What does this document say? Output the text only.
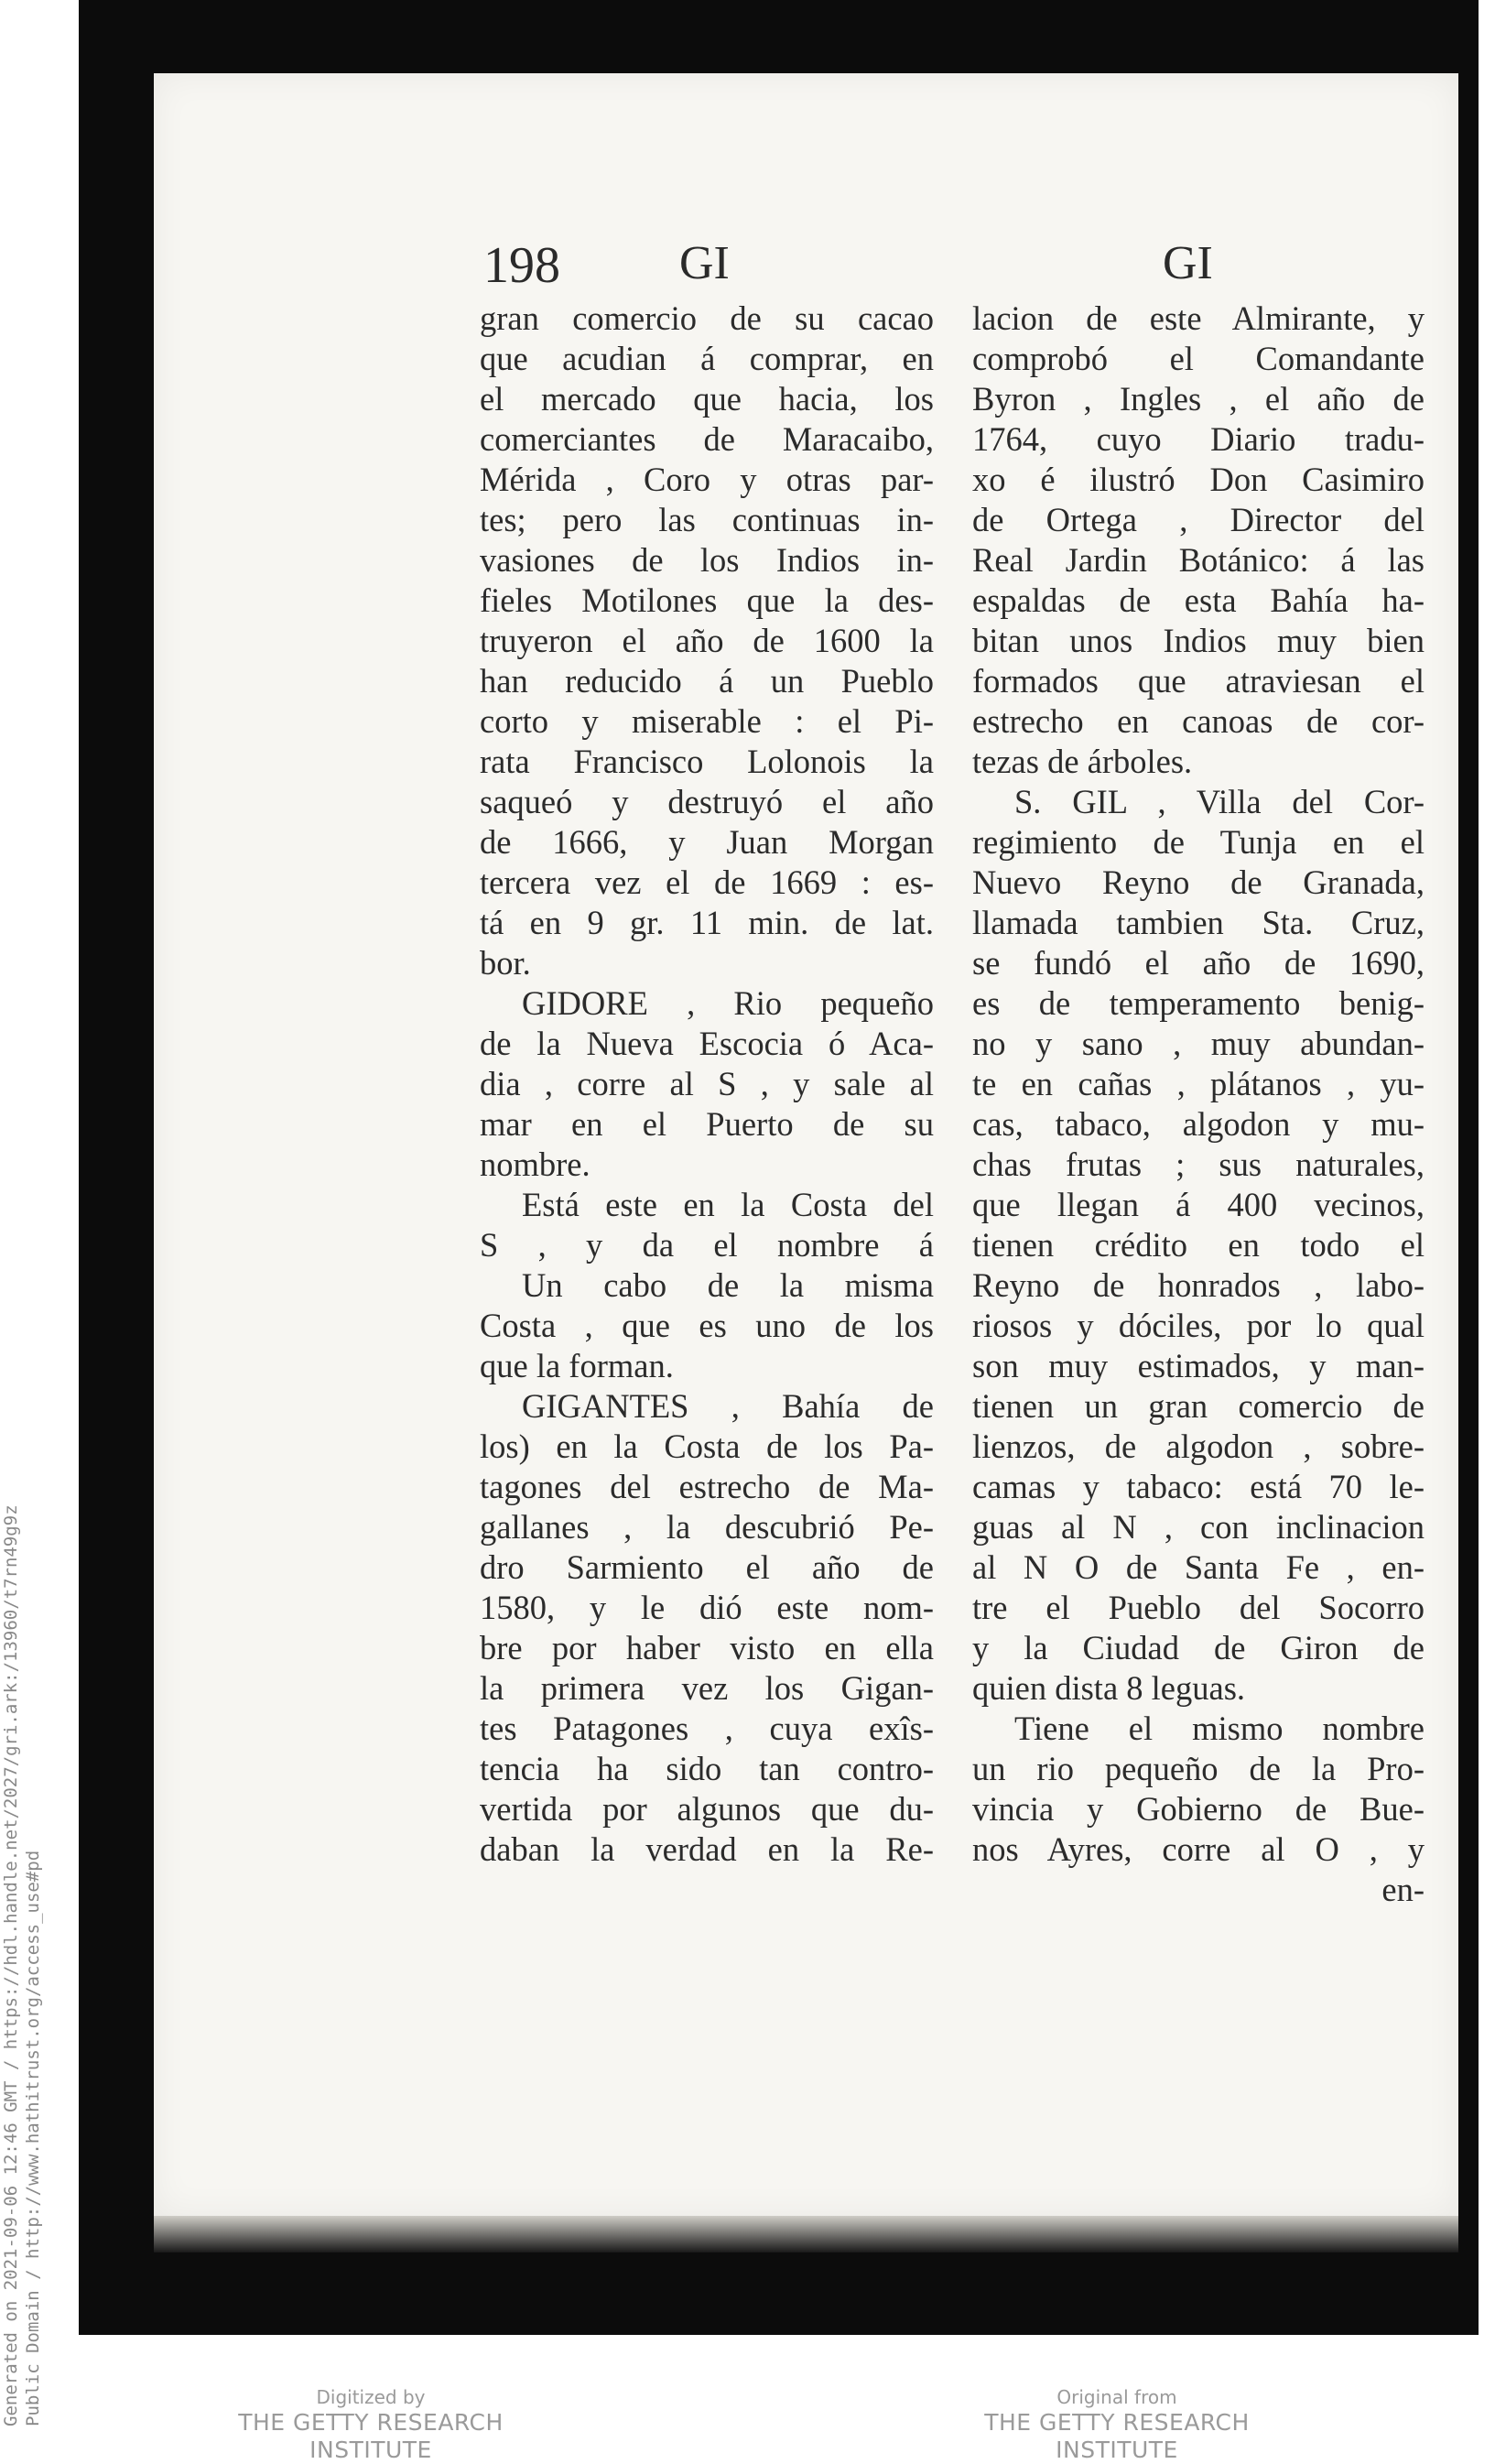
198	GI	GI
gran comercio de su cacao
que acudian á comprar, en
el mercado que hacia, los
comerciantes de Maracaibo,
Mérida , Coro y otras par-
tes; pero las continuas in-
vasiones de los Indios in-
fieles Motilones que la des-
truyeron el año de 1600 la
han reducido á un Pueblo
corto y miserable : el Pi-
rata Francisco Lolonois la
saqueó y destruyó el año
de 1666, y Juan Morgan
tercera vez el de 1669 : es-
tá en 9 gr. 11 min. de lat.
bor.
GIDORE , Rio pequeño
de la Nueva Escocia ó Aca-
dia , corre al S , y sale al
mar en el Puerto de su
nombre.
Está este en la Costa del
S , y da el nombre á
Un cabo de la misma
Costa , que es uno de los
que la forman.
GIGANTES , Bahía de
los) en la Costa de los Pa-
tagones del estrecho de Ma-
gallanes , la descubrió Pe-
dro Sarmiento el año de
1580, y le dió este nom-
bre por haber visto en ella
la primera vez los Gigan-
tes Patagones , cuya exîs-
tencia ha sido tan contro-
vertida por algunos que du-
daban la verdad en la Re-
lacion de este Almirante, y
comprobó el Comandante
Byron , Ingles , el año de
1764, cuyo Diario tradu-
xo é ilustró Don Casimiro
de Ortega , Director del
Real Jardin Botánico: á las
espaldas de esta Bahía ha-
bitan unos Indios muy bien
formados que atraviesan el
estrecho en canoas de cor-
tezas de árboles.
S. GIL , Villa del Cor-
regimiento de Tunja en el
Nuevo Reyno de Granada,
llamada tambien Sta. Cruz,
se fundó el año de 1690,
es de temperamento benig-
no y sano , muy abundan-
te en cañas , plátanos , yu-
cas, tabaco, algodon y mu-
chas frutas ; sus naturales,
que llegan á 400 vecinos,
tienen crédito en todo el
Reyno de honrados , labo-
riosos y dóciles, por lo qual
son muy estimados, y man-
tienen un gran comercio de
lienzos, de algodon , sobre-
camas y tabaco: está 70 le-
guas al N , con inclinacion
al N O de Santa Fe , en-
tre el Pueblo del Socorro
y la Ciudad de Giron de
quien dista 8 leguas.
Tiene el mismo nombre
un rio pequeño de la Pro-
vincia y Gobierno de Bue-
nos Ayres, corre al O , y
en-
Generated on 2021-09-06 12:46 GMT / https://hdl.handle.net/2027/gri.ark:/13960/t7rn49g9z Public Domain / http://www.hathitrust.org/access_use#pd	Digitized by
THE GETTY RESEARCH INSTITUTE
Original from
THE GETTY RESEARCH INSTITUTE
